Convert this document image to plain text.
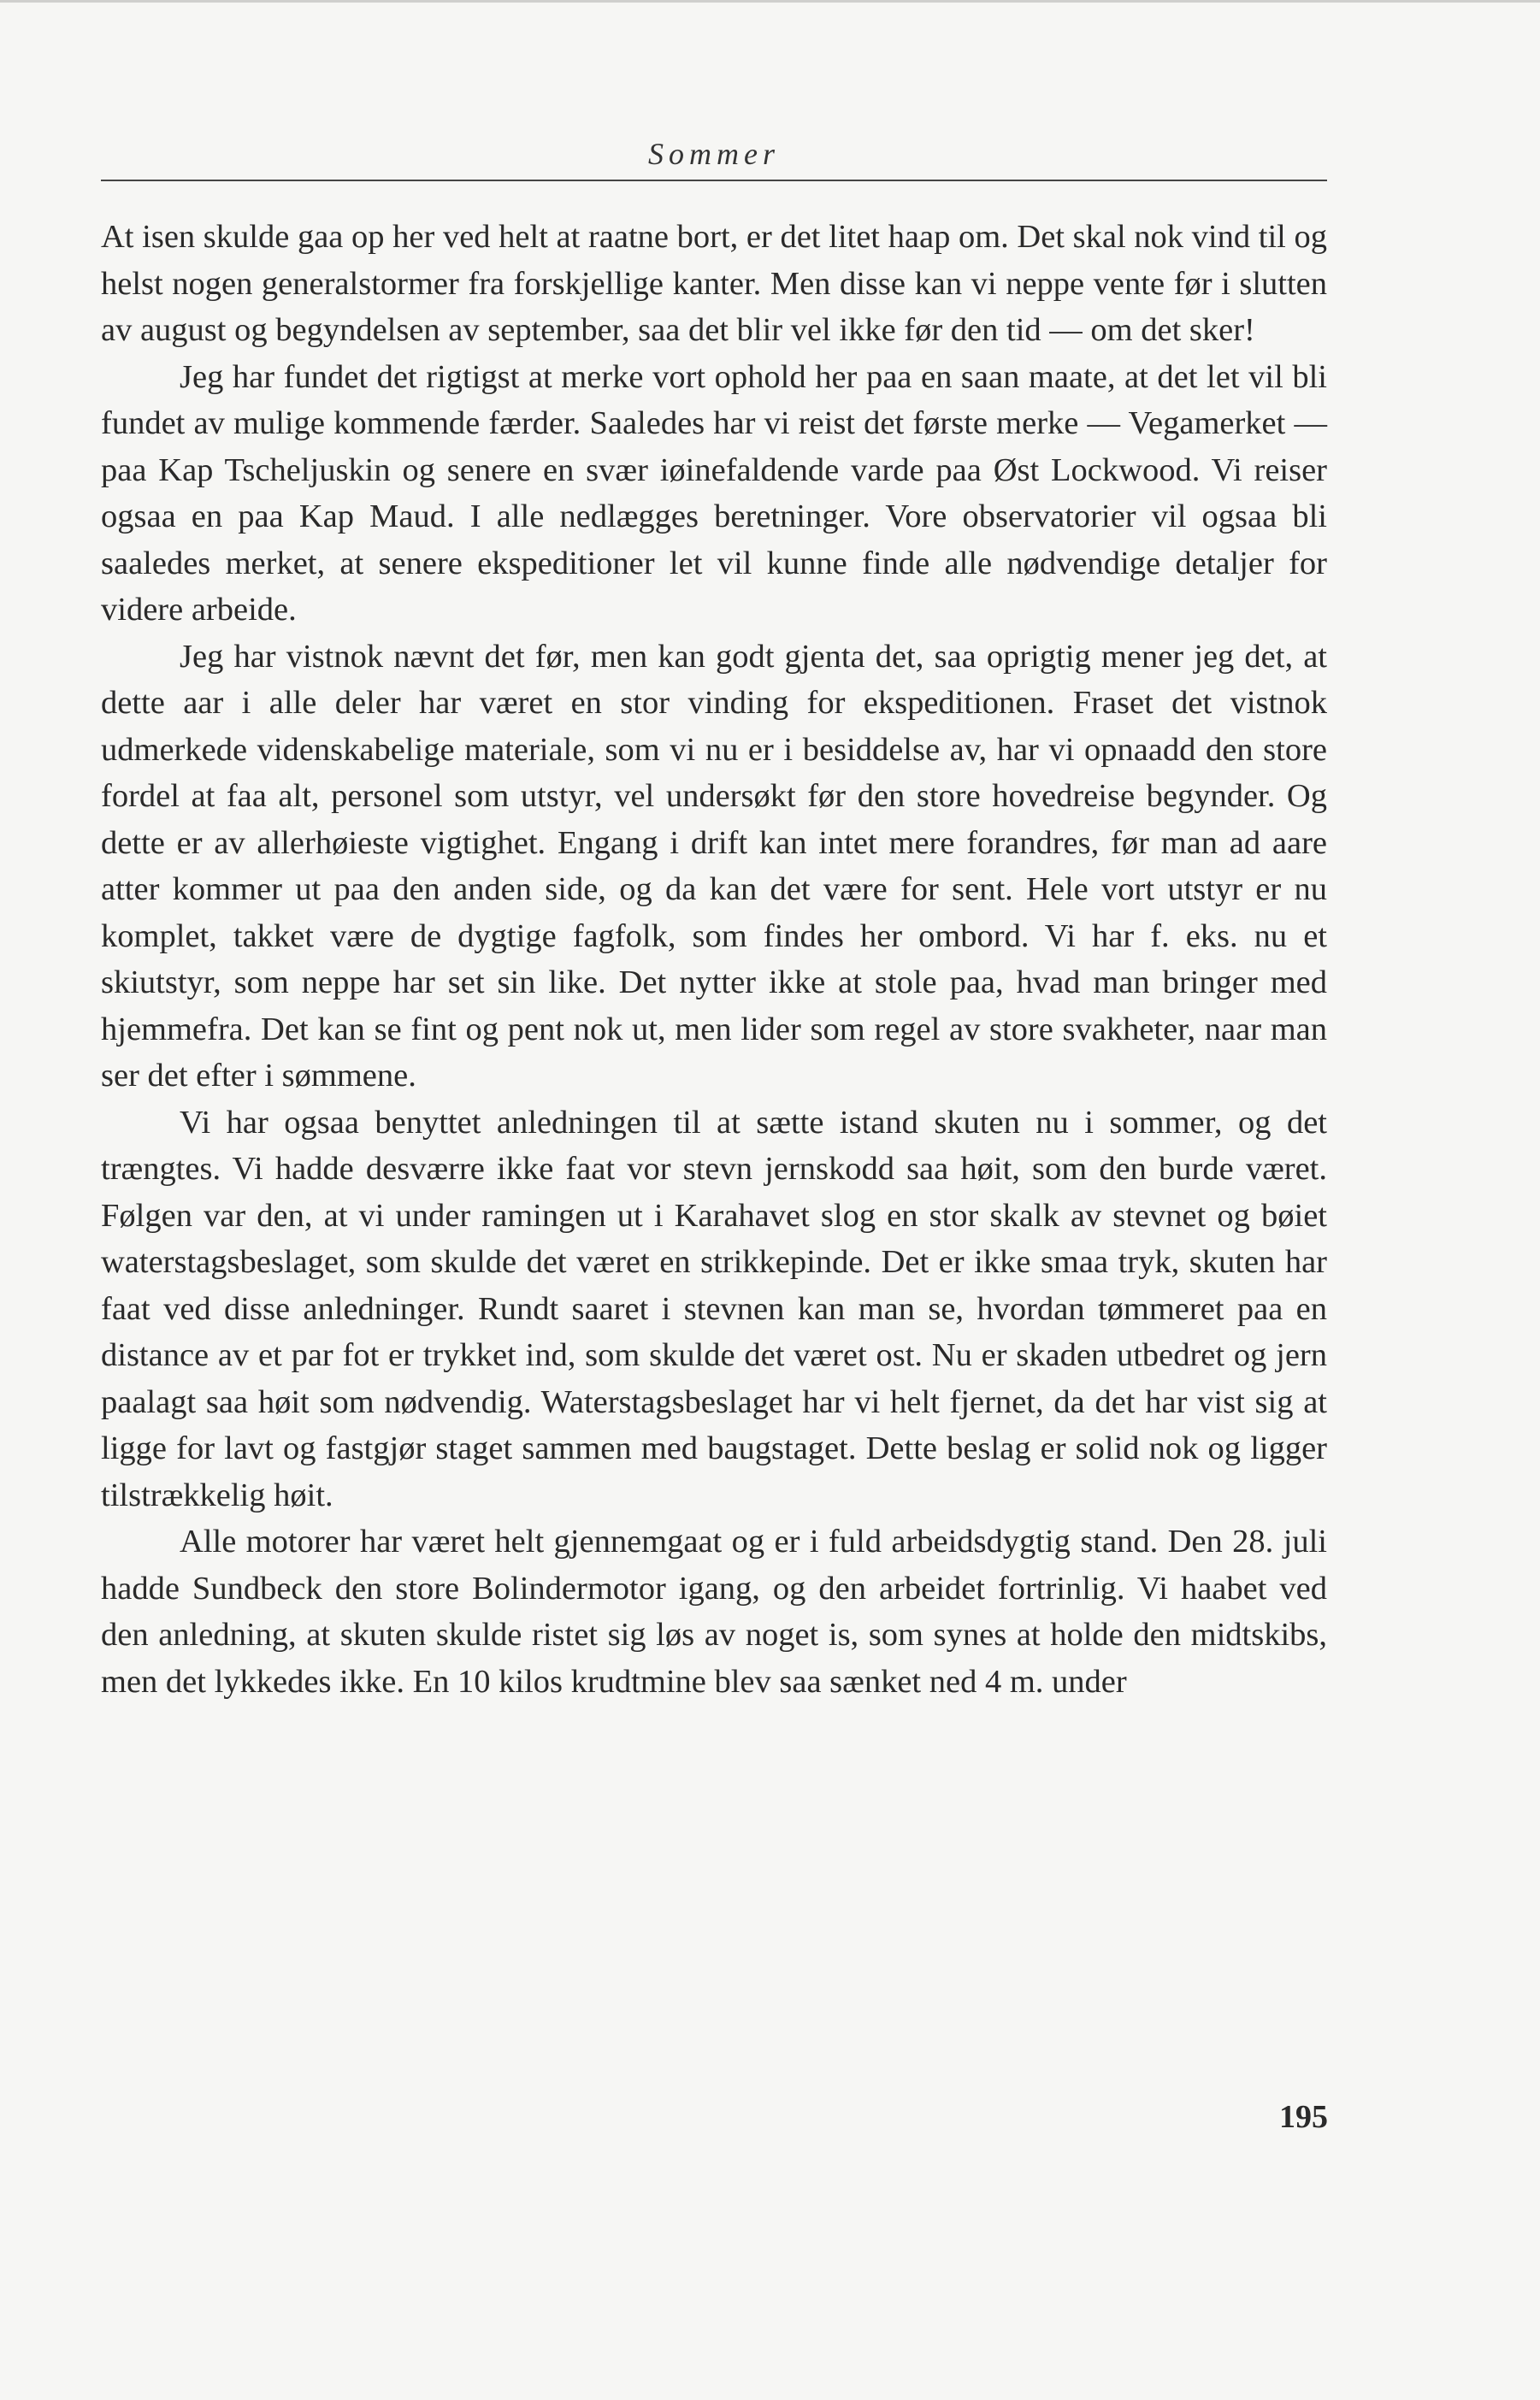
Sommer

At isen skulde gaa op her ved helt at raatne bort, er det litet haap om. Det skal nok vind til og helst nogen generalstormer fra forskjellige kanter. Men disse kan vi neppe vente før i slutten av august og begyndelsen av september, saa det blir vel ikke før den tid — om det sker!

Jeg har fundet det rigtigst at merke vort ophold her paa en saan maate, at det let vil bli fundet av mulige kommende færder. Saaledes har vi reist det første merke — Vegamerket — paa Kap Tscheljuskin og senere en svær iøinefaldende varde paa Øst Lockwood. Vi reiser ogsaa en paa Kap Maud. I alle nedlægges beretninger. Vore observatorier vil ogsaa bli saaledes merket, at senere ekspeditioner let vil kunne finde alle nødvendige detaljer for videre arbeide.

Jeg har vistnok nævnt det før, men kan godt gjenta det, saa oprigtig mener jeg det, at dette aar i alle deler har været en stor vinding for ekspeditionen. Fraset det vistnok udmerkede videnskabelige materiale, som vi nu er i besiddelse av, har vi opnaadd den store fordel at faa alt, personel som utstyr, vel undersøkt før den store hovedreise begynder. Og dette er av allerhøieste vigtighet. Engang i drift kan intet mere forandres, før man ad aare atter kommer ut paa den anden side, og da kan det være for sent. Hele vort utstyr er nu komplet, takket være de dygtige fagfolk, som findes her ombord. Vi har f. eks. nu et skiutstyr, som neppe har set sin like. Det nytter ikke at stole paa, hvad man bringer med hjemmefra. Det kan se fint og pent nok ut, men lider som regel av store svakheter, naar man ser det efter i sømmene.

Vi har ogsaa benyttet anledningen til at sætte istand skuten nu i sommer, og det trængtes. Vi hadde desværre ikke faat vor stevn jernskodd saa høit, som den burde været. Følgen var den, at vi under ramingen ut i Karahavet slog en stor skalk av stevnet og bøiet waterstagsbeslaget, som skulde det været en strikkepinde. Det er ikke smaa tryk, skuten har faat ved disse anledninger. Rundt saaret i stevnen kan man se, hvordan tømmeret paa en distance av et par fot er trykket ind, som skulde det været ost. Nu er skaden utbedret og jern paalagt saa høit som nødvendig. Waterstagsbeslaget har vi helt fjernet, da det har vist sig at ligge for lavt og fastgjør staget sammen med baugstaget. Dette beslag er solid nok og ligger tilstrækkelig høit.

Alle motorer har været helt gjennemgaat og er i fuld arbeidsdygtig stand. Den 28. juli hadde Sundbeck den store Bolindermotor igang, og den arbeidet fortrinlig. Vi haabet ved den anledning, at skuten skulde ristet sig løs av noget is, som synes at holde den midtskibs, men det lykkedes ikke. En 10 kilos krudtmine blev saa sænket ned 4 m. under

195
